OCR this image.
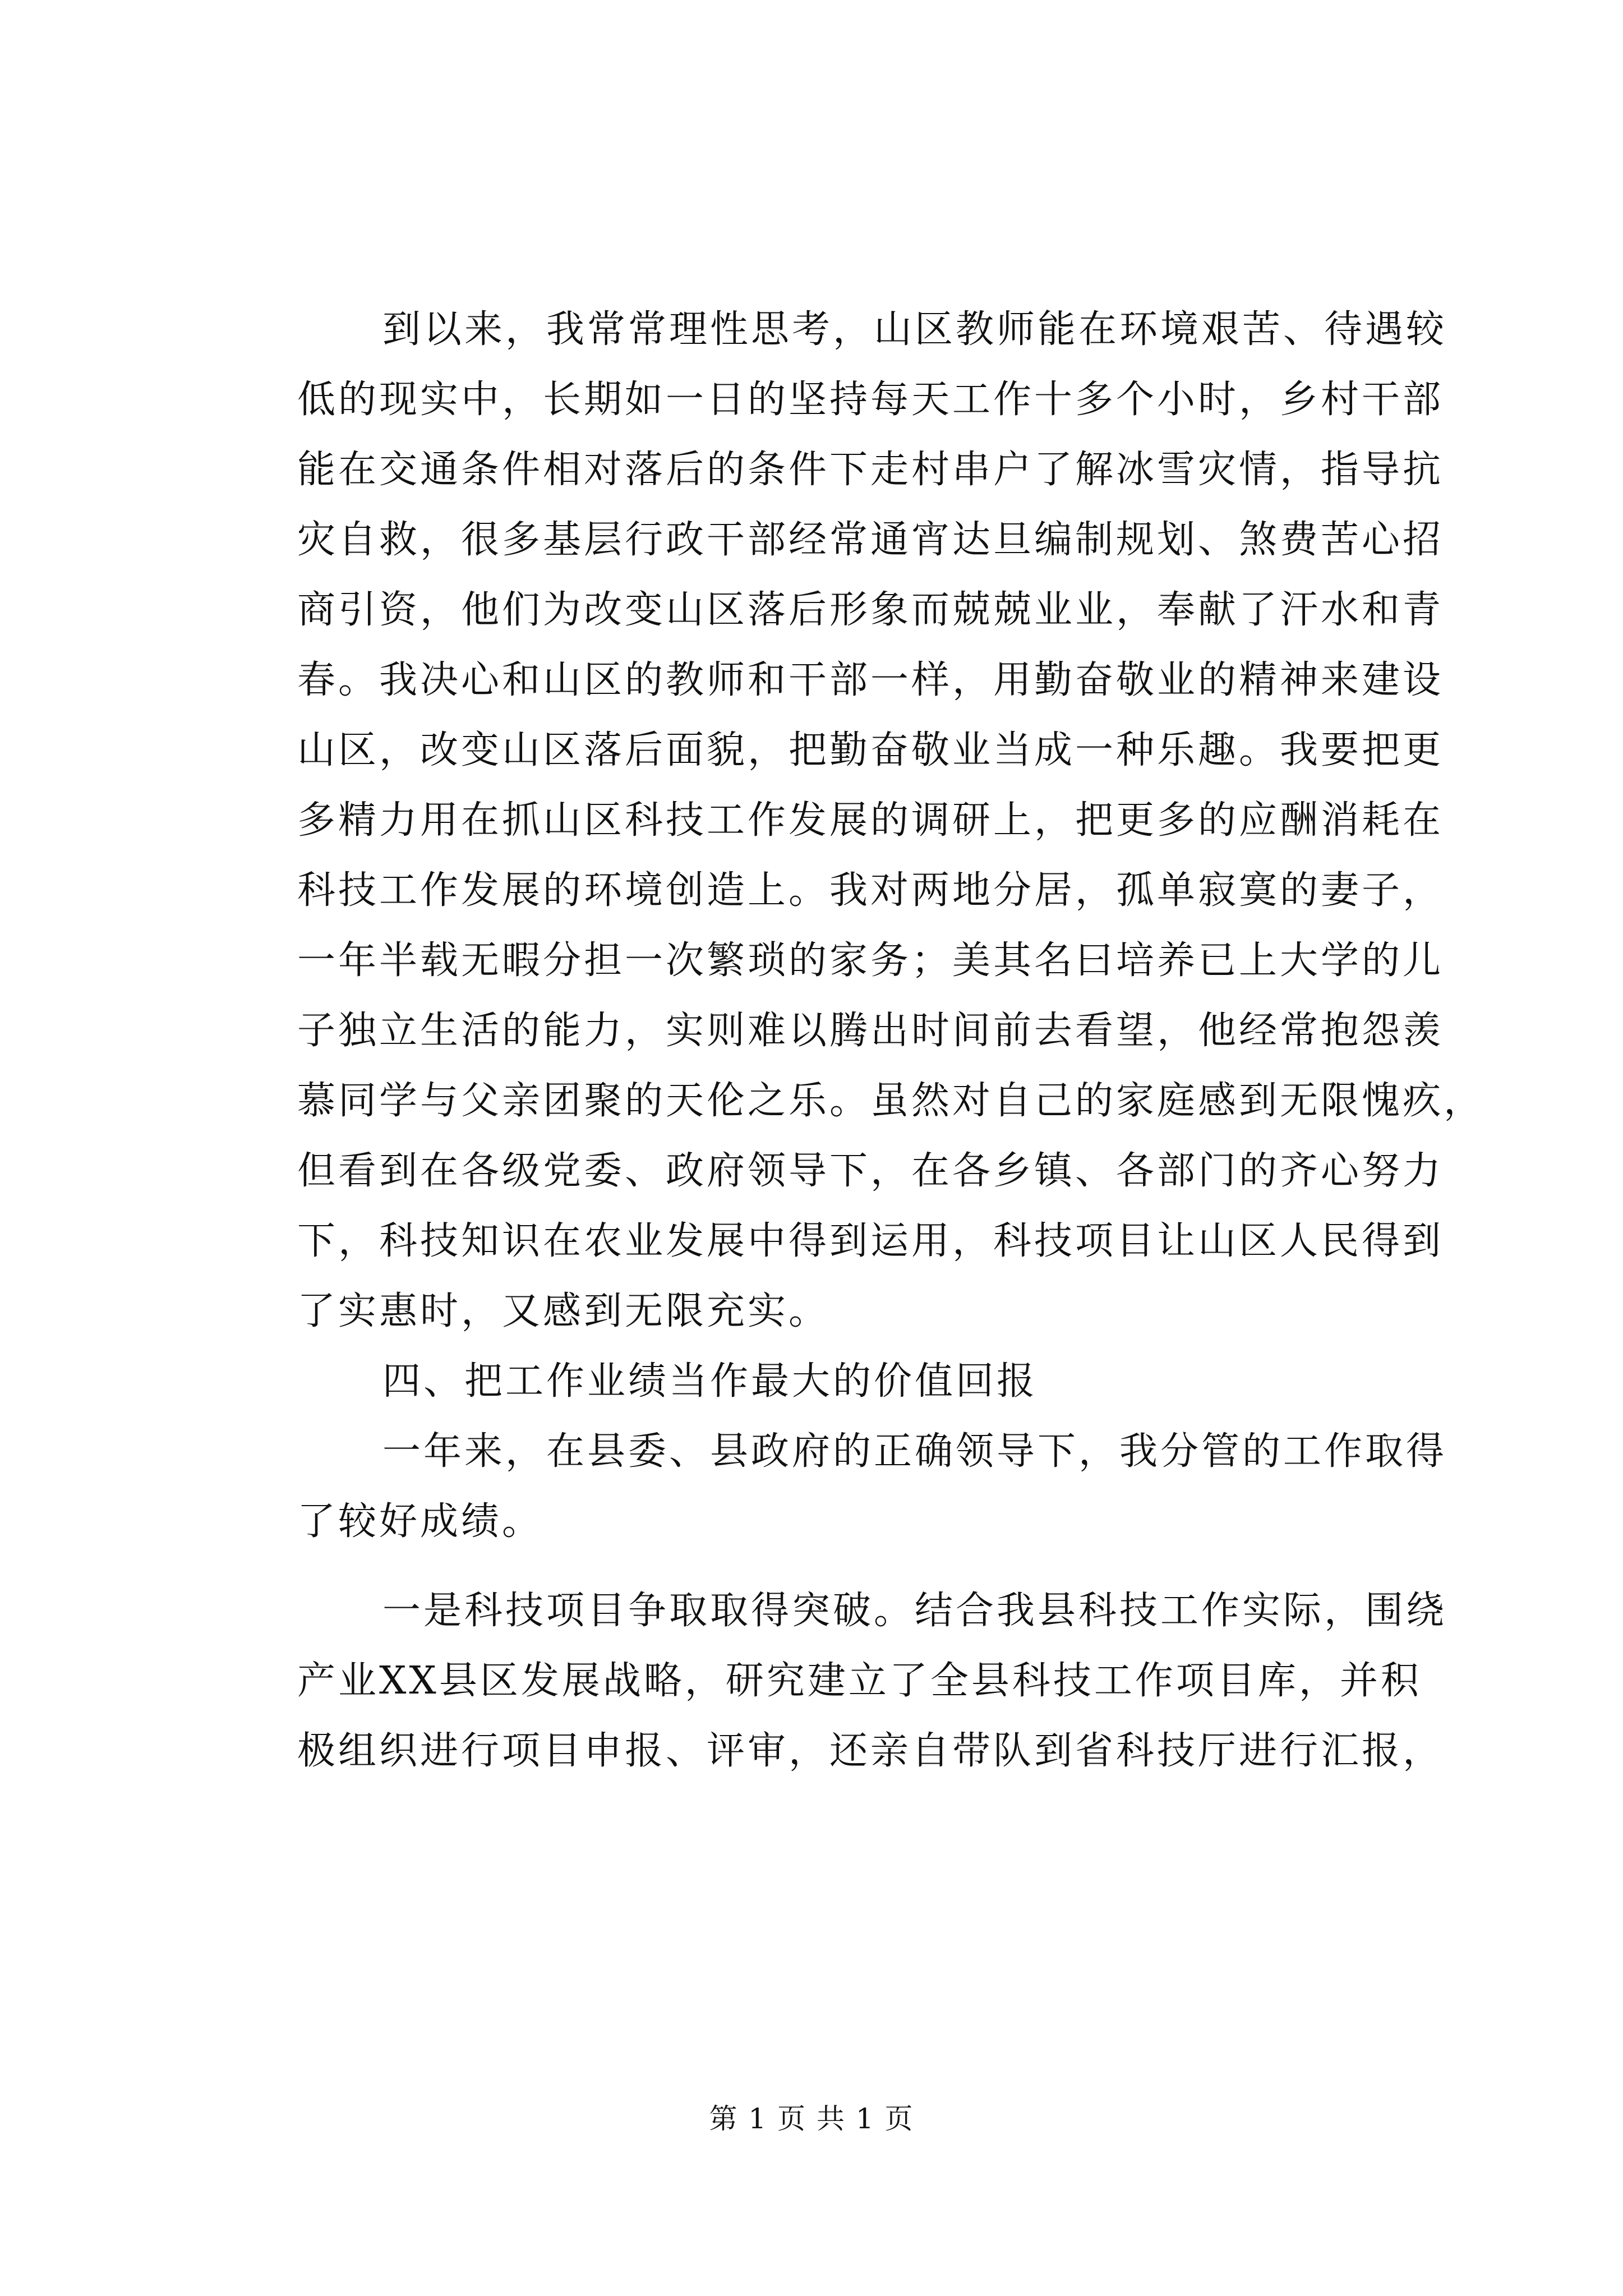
到以来，我常常理性思考，山区教师能在环境艰苦、待遇较
低的现实中，长期如一日的坚持每天工作十多个小时，乡村干部
能在交通条件相对落后的条件下走村串户了解冰雪灾情，指导抗
灾自救，很多基层行政干部经常通宵达旦编制规划、煞费苦心招
商引资，他们为改变山区落后形象而兢兢业业，奉献了汗水和青
春。我决心和山区的教师和干部一样，用勤奋敬业的精神来建设
山区，改变山区落后面貌，把勤奋敬业当成一种乐趣。我要把更
多精力用在抓山区科技工作发展的调研上，把更多的应酬消耗在
科技工作发展的环境创造上。我对两地分居，孤单寂寞的妻子，
一年半载无暇分担一次繁琐的家务；美其名曰培养已上大学的儿
子独立生活的能力，实则难以腾出时间前去看望，他经常抱怨羡
慕同学与父亲团聚的天伦之乐。虽然对自己的家庭感到无限愧疚，
但看到在各级党委、政府领导下，在各乡镇、各部门的齐心努力
下，科技知识在农业发展中得到运用，科技项目让山区人民得到
了实惠时，又感到无限充实。
四、把工作业绩当作最大的价值回报
一年来，在县委、县政府的正确领导下，我分管的工作取得
了较好成绩。
一是科技项目争取取得突破。结合我县科技工作实际，围绕
产业XX县区发展战略，研究建立了全县科技工作项目库，并积
极组织进行项目申报、评审，还亲自带队到省科技厅进行汇报，
第 1 页 共 1 页
